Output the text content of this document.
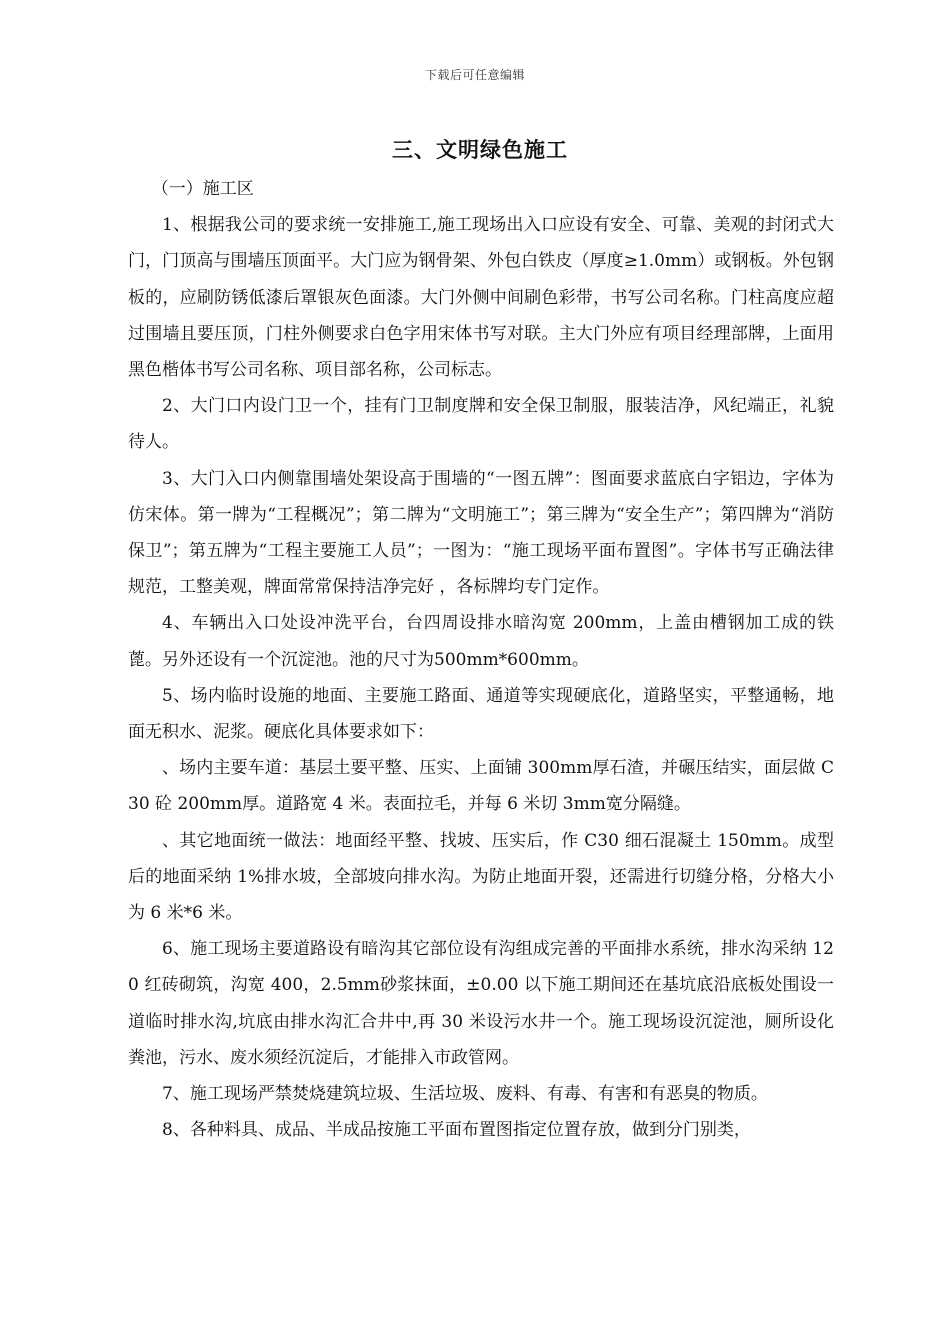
下载后可任意编辑
三、文明绿色施工

（一）施工区

1、根据我公司的要求统一安排施工,施工现场出入口应设有安全、可靠、美观的封闭式大门，门顶高与围墙压顶面平。大门应为钢骨架、外包白铁皮（厚度≥1.0mm）或钢板。外包钢板的，应刷防锈低漆后罩银灰色面漆。大门外侧中间刷色彩带，书写公司名称。门柱高度应超过围墙且要压顶，门柱外侧要求白色字用宋体书写对联。主大门外应有项目经理部牌，上面用黑色楷体书写公司名称、项目部名称，公司标志。

2、大门口内设门卫一个，挂有门卫制度牌和安全保卫制服，服装洁净，风纪端正，礼貌待人。

3、大门入口内侧靠围墙处架设高于围墙的“一图五牌”：图面要求蓝底白字铝边，字体为仿宋体。第一牌为“工程概况”；第二牌为“文明施工”；第三牌为“安全生产”；第四牌为“消防保卫”；第五牌为“工程主要施工人员”；一图为：“施工现场平面布置图”。字体书写正确法律规范，工整美观，牌面常常保持洁净完好 ，各标牌均专门定作。

4、车辆出入口处设冲洗平台，台四周设排水暗沟宽 200mm，上盖由槽钢加工成的铁蓖。另外还设有一个沉淀池。池的尺寸为500mm*600mm。

5、场内临时设施的地面、主要施工路面、通道等实现硬底化，道路坚实，平整通畅，地面无积水、泥浆。硬底化具体要求如下：

、场内主要车道：基层土要平整、压实、上面铺 300mm厚石渣，并碾压结实，面层做 C30 砼 200mm厚。道路宽 4 米。表面拉毛，并每 6 米切 3mm宽分隔缝。

、其它地面统一做法：地面经平整、找坡、压实后，作 C30 细石混凝土 150mm。成型后的地面采纳 1%排水坡，全部坡向排水沟。为防止地面开裂，还需进行切缝分格，分格大小为 6 米*6 米。

6、施工现场主要道路设有暗沟其它部位设有沟组成完善的平面排水系统，排水沟采纳 120 红砖砌筑，沟宽 400，2.5mm砂浆抹面，±0.00 以下施工期间还在基坑底沿底板处围设一道临时排水沟,坑底由排水沟汇合井中,再 30 米设污水井一个。施工现场设沉淀池，厕所设化粪池，污水、废水须经沉淀后，才能排入市政管网。

7、施工现场严禁焚烧建筑垃圾、生活垃圾、废料、有毒、有害和有恶臭的物质。

8、各种料具、成品、半成品按施工平面布置图指定位置存放，做到分门别类，
